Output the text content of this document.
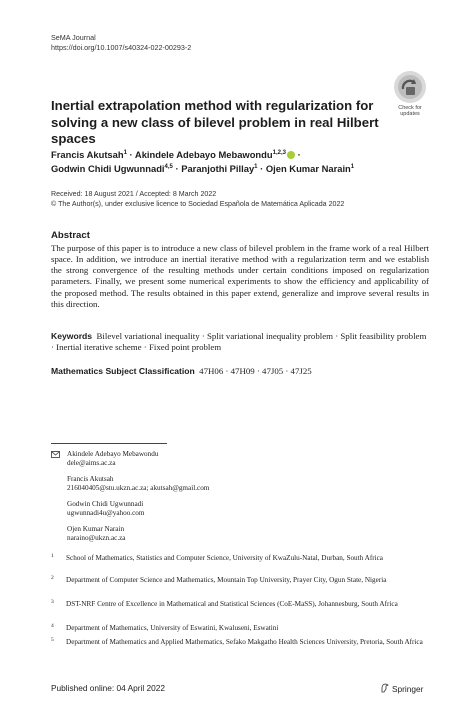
SeMA Journal
https://doi.org/10.1007/s40324-022-00293-2
Check for
updates
Inertial extrapolation method with regularization for solving a new class of bilevel problem in real Hilbert spaces
Francis Akutsah$^1$ · Akindele Adebayo Mebawondu$^{1,2,3}$ ·
Godwin Chidi Ugwunnadi$^{4,5}$ · Paranjothi Pillay$^1$ · Ojen Kumar Narain$^1$
Received: 18 August 2021 / Accepted: 8 March 2022
© The Author(s), under exclusive licence to Sociedad Española de Matemática Aplicada 2022
Abstract
The purpose of this paper is to introduce a new class of bilevel problem in the frame work of a real Hilbert space. In addition, we introduce an inertial iterative method with a regularization term and we establish the strong convergence of the resulting methods under certain conditions imposed on regularization parameters. Finally, we present some numerical experiments to show the efficiency and applicability of the proposed method. The results obtained in this paper extend, generalize and improve several results in this direction.
Keywords Bilevel variational inequality · Split variational inequality problem · Split feasibility problem · Inertial iterative scheme · Fixed point problem
Mathematics Subject Classification 47H06 · 47H09 · 47J05 · 47J25
Akindele Adebayo Mebawondu
dele@aims.ac.za
Francis Akutsah
216040405@stu.ukzn.ac.za; akutsah@gmail.com
Godwin Chidi Ugwunnadi
ugwunnadi4u@yahoo.com
Ojen Kumar Narain
naraino@ukzn.ac.za
1 School of Mathematics, Statistics and Computer Science, University of KwaZulu-Natal, Durban, South Africa
2 Department of Computer Science and Mathematics, Mountain Top University, Prayer City, Ogun State, Nigeria
3 DST-NRF Centre of Excellence in Mathematical and Statistical Sciences (CoE-MaSS), Johannesburg, South Africa
4 Department of Mathematics, University of Eswatini, Kwaluseni, Eswatini
5 Department of Mathematics and Applied Mathematics, Sefako Makgatho Health Sciences University, Pretoria, South Africa
Published online: 04 April 2022	Springer
